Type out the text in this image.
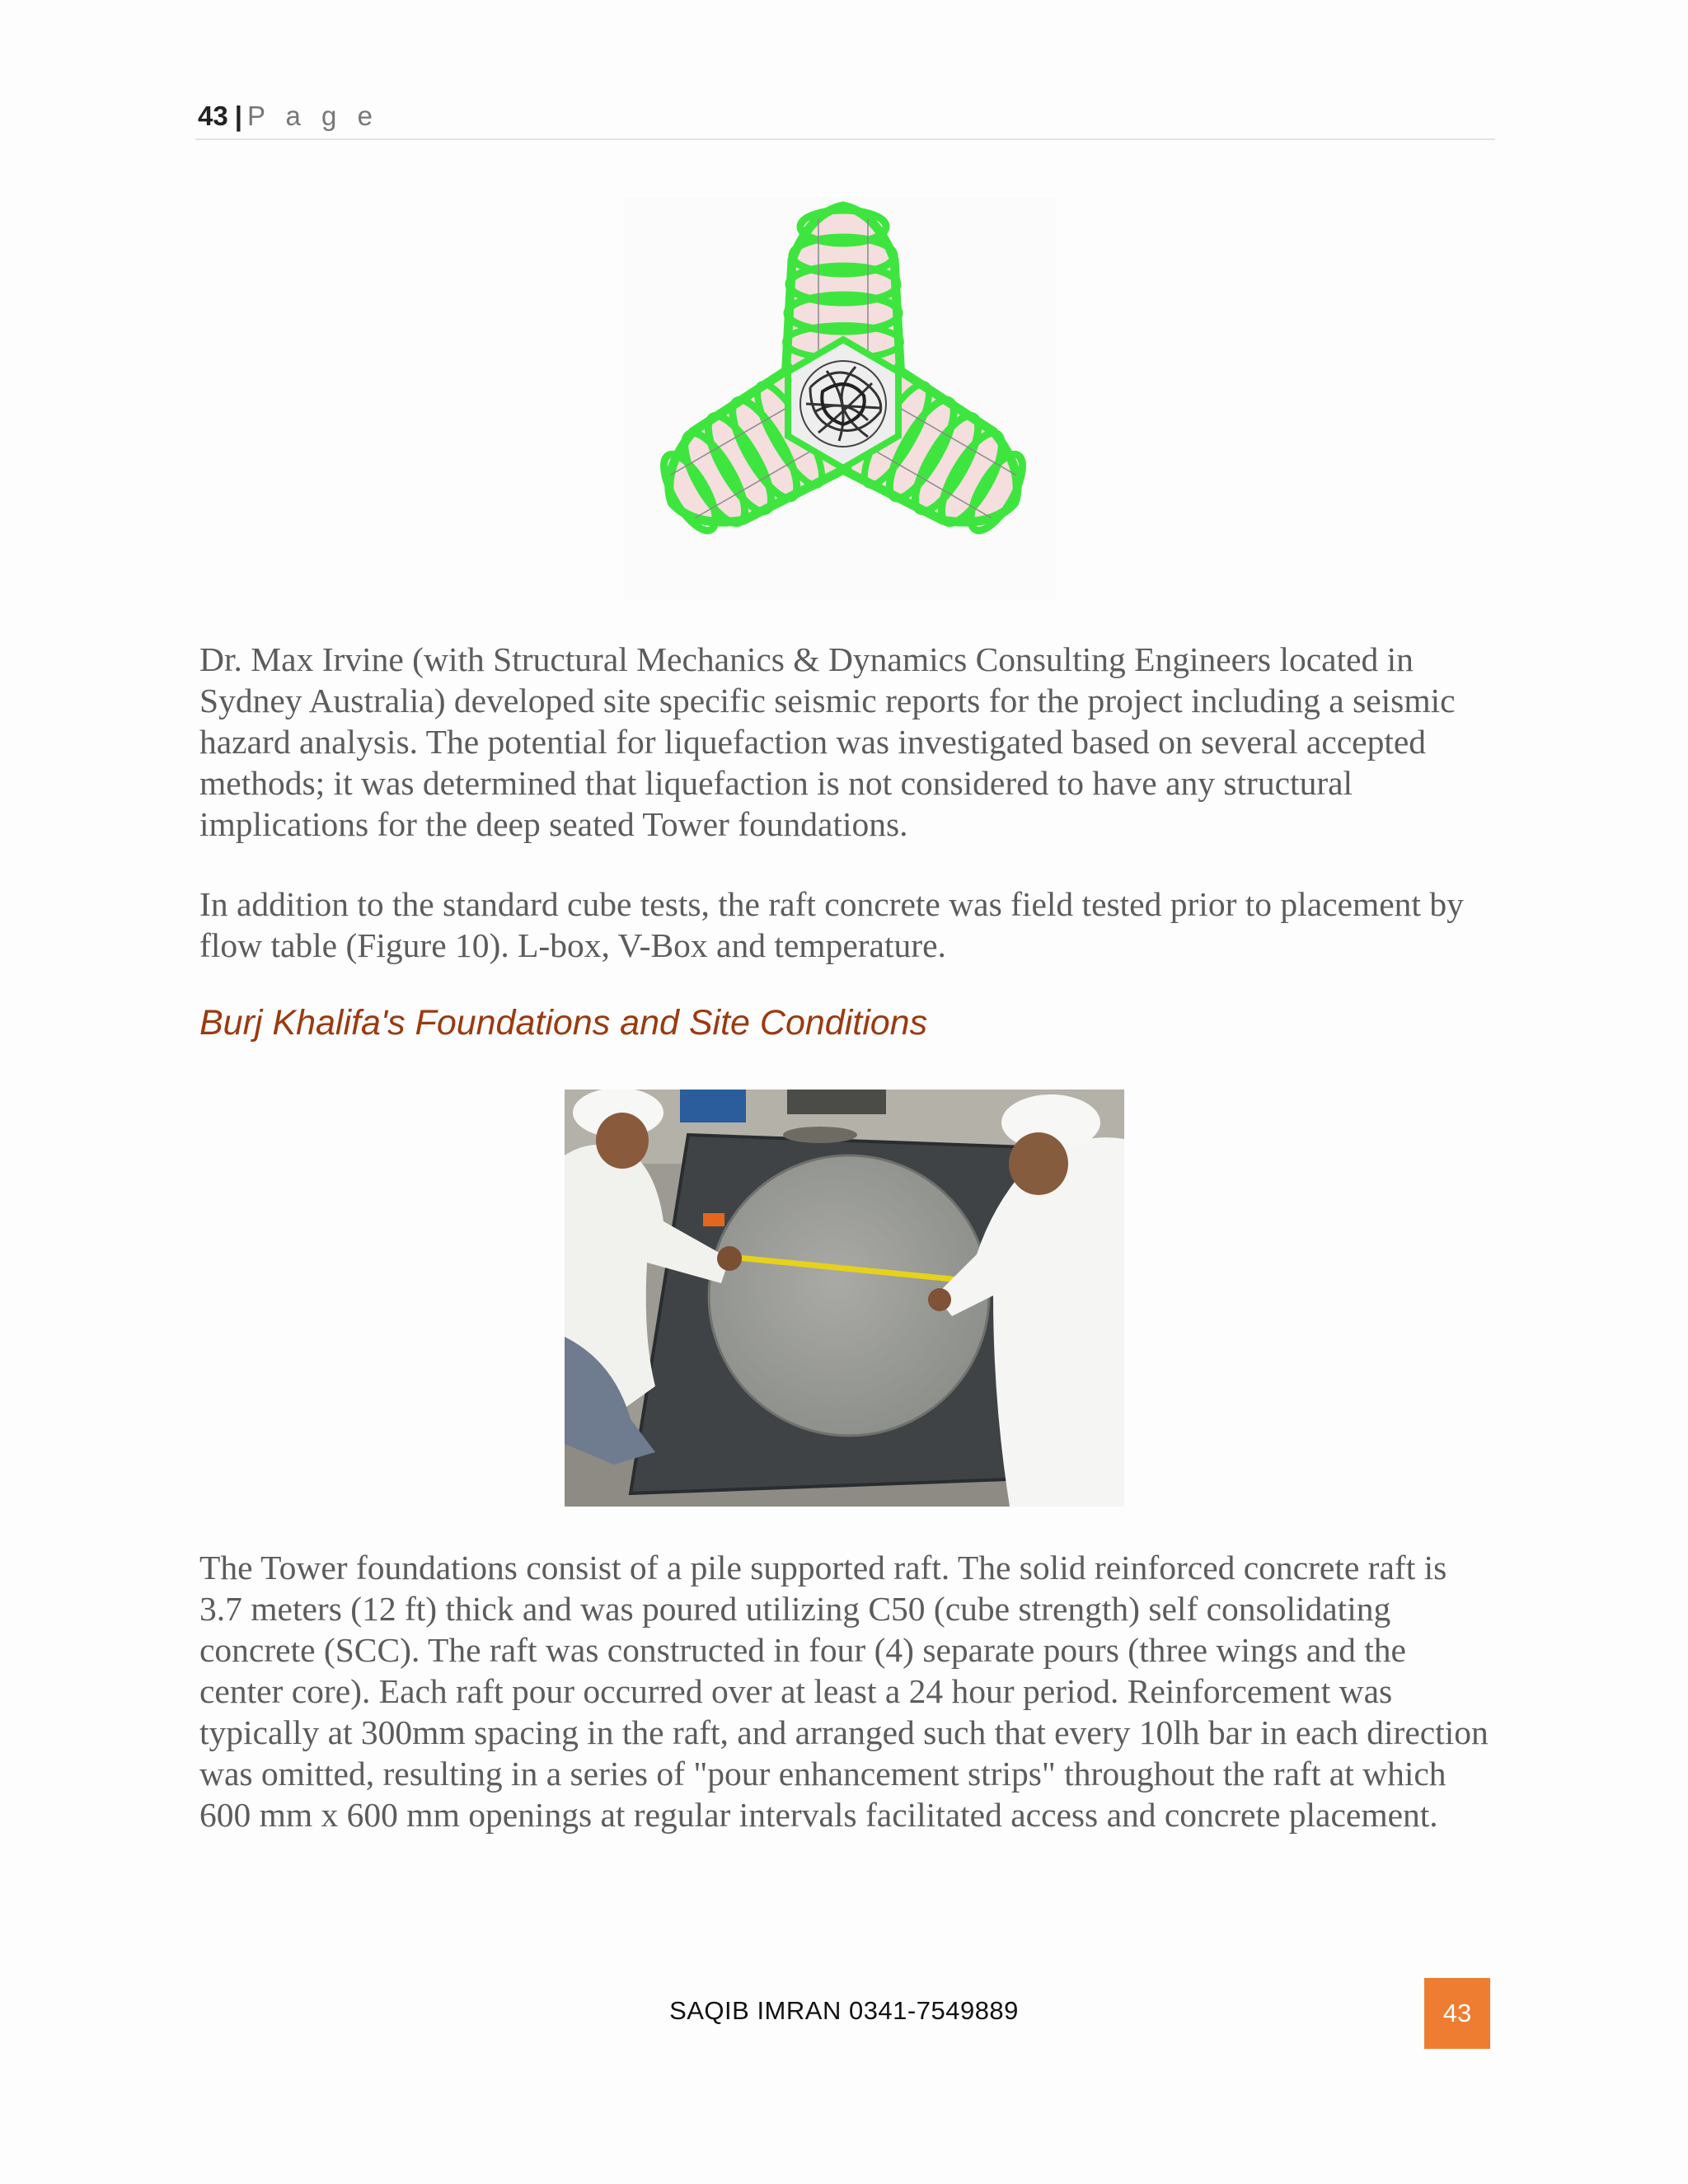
43 | P a g e

Dr. Max Irvine (with Structural Mechanics & Dynamics Consulting Engineers located in Sydney Australia) developed site specific seismic reports for the project including a seismic hazard analysis. The potential for liquefaction was investigated based on several accepted methods; it was determined that liquefaction is not considered to have any structural implications for the deep seated Tower foundations.

In addition to the standard cube tests, the raft concrete was field tested prior to placement by flow table (Figure 10). L-box, V-Box and temperature.

Burj Khalifa's Foundations and Site Conditions

The Tower foundations consist of a pile supported raft. The solid reinforced concrete raft is 3.7 meters (12 ft) thick and was poured utilizing C50 (cube strength) self consolidating concrete (SCC). The raft was constructed in four (4) separate pours (three wings and the center core). Each raft pour occurred over at least a 24 hour period. Reinforcement was typically at 300mm spacing in the raft, and arranged such that every 10lh bar in each direction was omitted, resulting in a series of "pour enhancement strips" throughout the raft at which 600 mm x 600 mm openings at regular intervals facilitated access and concrete placement.

SAQIB IMRAN 0341-7549889	43
